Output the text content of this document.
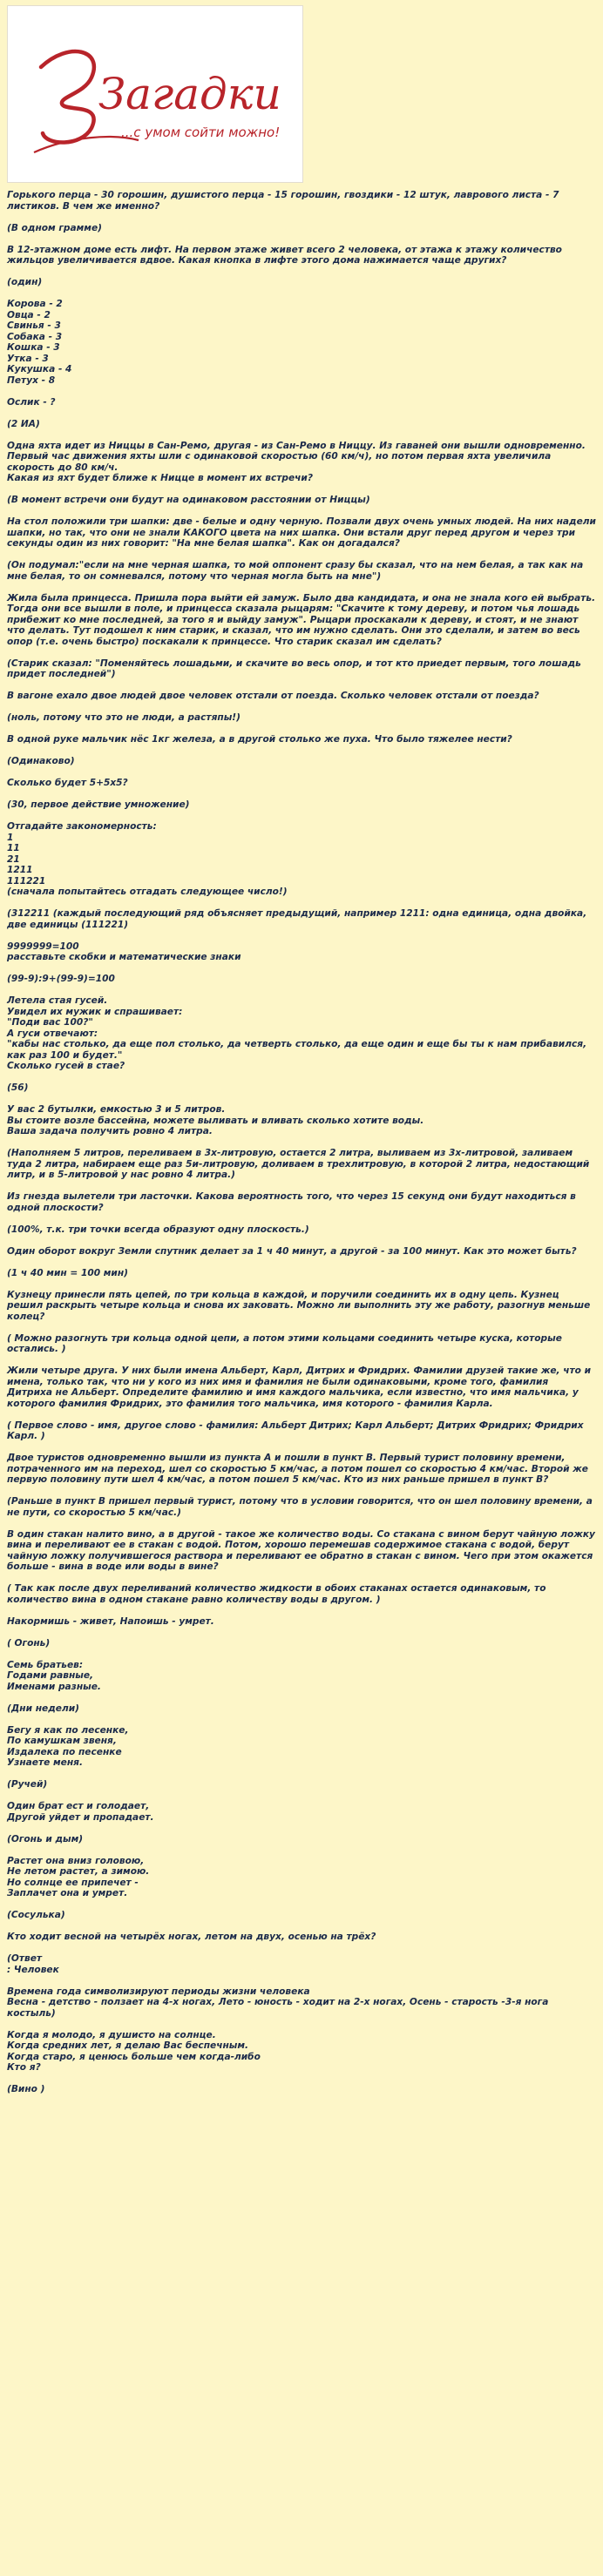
Загадки
...с умом сойти можно!
Горького перца - 30 горошин, душистого перца - 15 горошин, гвоздики - 12 штук, лаврового листа - 7 листиков. В чем же именно?

(В одном грамме)

В 12-этажном доме есть лифт. На первом этаже живет всего 2 человека, от этажа к этажу количество жильцов увеличивается вдвое. Какая кнопка в лифте этого дома нажимается чаще других?

(один)

Корова - 2
Овца - 2
Свинья - 3
Собака - 3
Кошка - 3
Утка - 3
Кукушка - 4
Петух - 8

Ослик - ?

(2 ИА)

Одна яхта идет из Ниццы в Сан-Ремо, другая - из Сан-Ремо в Ниццу. Из гаваней они вышли одновременно. Первый час движения яхты шли с одинаковой скоростью (60 км/ч), но потом первая яхта увеличила скорость до 80 км/ч.
Какая из яхт будет ближе к Ницце в момент их встречи?

(В момент встречи они будут на одинаковом расстоянии от Ниццы)

На стол положили три шапки: две - белые и одну черную. Позвали двух очень умных людей. На них надели шапки, но так, что они не знали КАКОГО цвета на них шапка. Они встали друг перед другом и через три секунды один из них говорит: "На мне белая шапка". Как он догадался?

(Он подумал:"если на мне черная шапка, то мой оппонент сразу бы сказал, что на нем белая, а так как на мне белая, то он сомневался, потому что черная могла быть на мне")

Жила была принцесса. Пришла пора выйти ей замуж. Было два кандидата, и она не знала кого ей выбрать. Тогда они все вышли в поле, и принцесса сказала рыцарям: "Скачите к тому дереву, и потом чья лошадь прибежит ко мне последней, за того я и выйду замуж". Рыцари проскакали к дереву, и стоят, и не знают что делать. Тут подошел к ним старик, и сказал, что им нужно сделать. Они это сделали, и затем во весь опор (т.е. очень быстро) поскакали к принцессе. Что старик сказал им сделать?

(Старик сказал: "Поменяйтесь лошадьми, и скачите во весь опор, и тот кто приедет первым, того лошадь придет последней")

В вагоне ехало двое людей двое человек отстали от поезда. Сколько человек отстали от поезда?

(ноль, потому что это не люди, а растяпы!)

В одной руке мальчик нёс 1кг железа, а в другой столько же пуха. Что было тяжелее нести?

(Одинаково)

Сколько будет 5+5x5?

(30, первое действие умножение)

Отгадайте закономерность:
1
11
21
1211
111221
(сначала попытайтесь отгадать следующее число!)

(312211 (каждый последующий ряд объясняет предыдущий, например 1211: одна единица, одна двойка, две единицы (111221)

9999999=100
расставьте скобки и математические знаки

(99-9):9+(99-9)=100

Летела стая гусей.
Увидел их мужик и спрашивает:
"Поди вас 100?"
А гуси отвечают:
"кабы нас столько, да еще пол столько, да четверть столько, да еще один и еще бы ты к нам прибавился, как раз 100 и будет."
Сколько гусей в стае?

(56)

У вас 2 бутылки, емкостью 3 и 5 литров.
Вы стоите возле бассейна, можете выливать и вливать сколько хотите воды.
Ваша задача получить ровно 4 литра.

(Наполняем 5 литров, переливаем в 3х-литровую, остается 2 литра, выливаем из 3х-литровой, заливаем туда 2 литра, набираем еще раз 5и-литровую, доливаем в трехлитровую, в которой 2 литра, недостающий литр, и в 5-литровой у нас ровно 4 литра.)

Из гнезда вылетели три ласточки. Какова вероятность того, что через 15 секунд они будут находиться в одной плоскости?

(100%, т.к. три точки всегда образуют одну плоскость.)

Один оборот вокруг Земли спутник делает за 1 ч 40 минут, а другой - за 100 минут. Как это может быть?

(1 ч 40 мин = 100 мин)

Кузнецу принесли пять цепей, по три кольца в каждой, и поручили соединить их в одну цепь. Кузнец решил раскрыть четыре кольца и снова их заковать. Можно ли выполнить эту же работу, разогнув меньше колец?

( Можно разогнуть три кольца одной цепи, а потом этими кольцами соединить четыре куска, которые остались. )

Жили четыре друга. У них были имена Альберт, Карл, Дитрих и Фридрих. Фамилии друзей такие же, что и имена, только так, что ни у кого из них имя и фамилия не были одинаковыми, кроме того, фамилия Дитриха не Альберт. Определите фамилию и имя каждого мальчика, если известно, что имя мальчика, у которого фамилия Фридрих, это фамилия того мальчика, имя которого - фамилия Карла.

( Первое слово - имя, другое слово - фамилия: Альберт Дитрих; Карл Альберт; Дитрих Фридрих; Фридрих Карл. )

Двое туристов одновременно вышли из пункта А и пошли в пункт В. Первый турист половину времени, потраченного им на переход, шел со скоростью 5 км/час, а потом пошел со скоростью 4 км/час. Второй же первую половину пути шел 4 км/час, а потом пошел 5 км/час. Кто из них раньше пришел в пункт В?

(Раньше в пункт В пришел первый турист, потому что в условии говорится, что он шел половину времени, а не пути, со скоростью 5 км/час.)

В один стакан налито вино, а в другой - такое же количество воды. Со стакана с вином берут чайную ложку вина и переливают ее в стакан с водой. Потом, хорошо перемешав содержимое стакана с водой, берут чайную ложку получившегося раствора и переливают ее обратно в стакан с вином. Чего при этом окажется больше - вина в воде или воды в вине?

( Так как после двух переливаний количество жидкости в обоих стаканах остается одинаковым, то количество вина в одном стакане равно количеству воды в другом. )

Накормишь - живет, Напоишь - умрет.

( Огонь)

Семь братьев:
Годами равные,
Именами разные.

(Дни недели)

Бегу я как по лесенке,
По камушкам звеня,
Издалека по песенке
Узнаете меня.

(Ручей)

Один брат ест и голодает,
Другой уйдет и пропадает.

(Огонь и дым)

Растет она вниз головою,
Не летом растет, а зимою.
Но солнце ее припечет -
Заплачет она и умрет.

(Сосулька)

Кто ходит весной на четырёх ногах, летом на двух, осенью на трёх?

(Ответ
: Человек

Времена года символизируют периоды жизни человека
Весна - детство - ползает на 4-х ногах, Лето - юность - ходит на 2-х ногах, Осень - старость -3-я нога костыль)

Когда я молодо, я душисто на солнце.
Когда средних лет, я делаю Вас беспечным.
Когда старо, я ценюсь больше чем когда-либо
Кто я?

(Вино )
